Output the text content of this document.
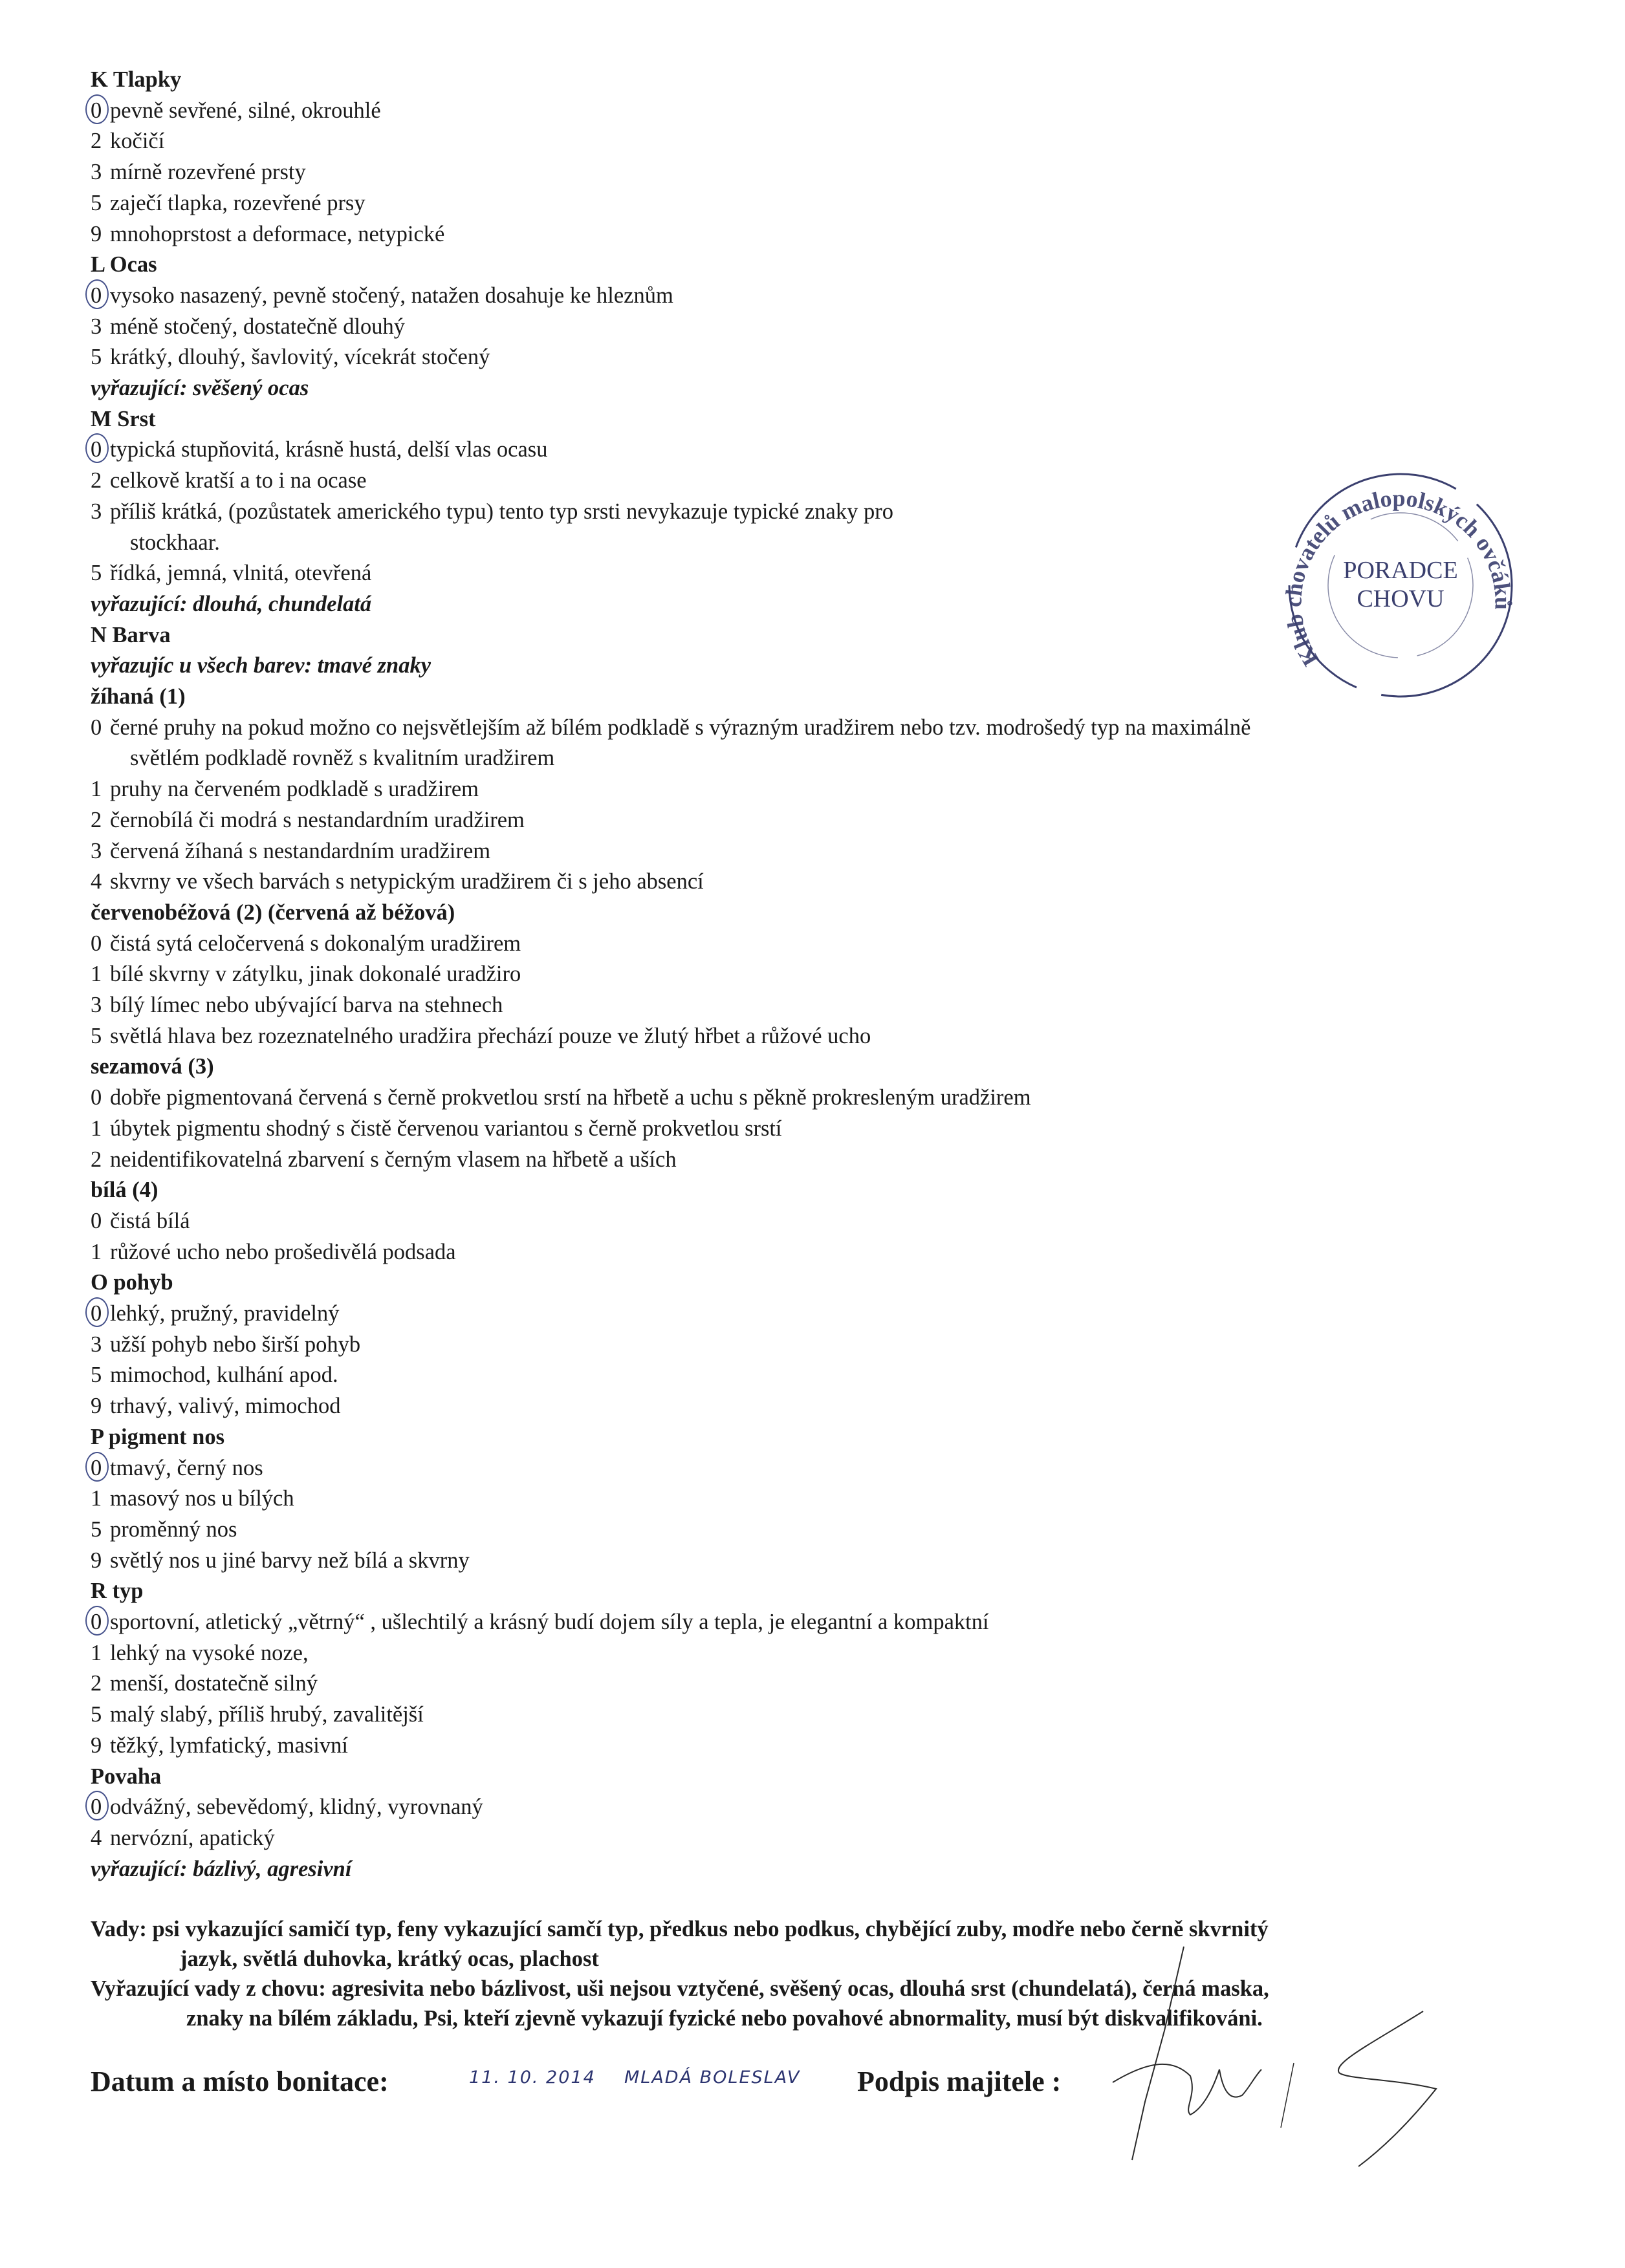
K Tlapky
0 pevně sevřené, silné, okrouhlé
2 kočičí
3 mírně rozevřené prsty
5 zaječí tlapka, rozevřené prsy
9 mnohoprstost a deformace, netypické
L Ocas
0 vysoko nasazený, pevně stočený, natažen dosahuje ke hleznům
3 méně stočený, dostatečně dlouhý
5 krátký, dlouhý, šavlovitý, vícekrát stočený
vyřazující: svěšený ocas
M Srst
0 typická stupňovitá, krásně hustá, delší vlas ocasu
2 celkově kratší a to i na ocase
3 příliš krátká, (pozůstatek amerického typu) tento typ srsti nevykazuje typické znaky pro
stockhaar.
5 řídká, jemná, vlnitá, otevřená
vyřazující: dlouhá, chundelatá
N Barva
vyřazujíc u všech barev: tmavé znaky
žíhaná (1)
0 černé pruhy na pokud možno co nejsvětlejším až bílém podkladě s výrazným uradžirem nebo tzv. modrošedý typ na maximálně
světlém podkladě rovněž s kvalitním uradžirem
1 pruhy na červeném podkladě s uradžirem
2 černobílá či modrá s nestandardním uradžirem
3 červená žíhaná s nestandardním uradžirem
4 skvrny ve všech barvách s netypickým uradžirem či s jeho absencí
červenobéžová (2) (červená až béžová)
0 čistá sytá celočervená s dokonalým uradžirem
1 bílé skvrny v zátylku, jinak dokonalé uradžiro
3 bílý límec nebo ubývající barva na stehnech
5 světlá hlava bez rozeznatelného uradžira přechází pouze ve žlutý hřbet a růžové ucho
sezamová (3)
0 dobře pigmentovaná červená s černě prokvetlou srstí na hřbetě a uchu s pěkně prokresleným uradžirem
1 úbytek pigmentu shodný s čistě červenou variantou s černě prokvetlou srstí
2 neidentifikovatelná zbarvení s černým vlasem na hřbetě a uších
bílá (4)
0 čistá bílá
1 růžové ucho nebo prošedivělá podsada
O pohyb
0 lehký, pružný, pravidelný
3 užší pohyb nebo širší pohyb
5 mimochod, kulhání apod.
9 trhavý, valivý, mimochod
P pigment nos
0 tmavý, černý nos
1 masový nos u bílých
5 proměnný nos
9 světlý nos u jiné barvy než bílá a skvrny
R typ
0 sportovní, atletický „větrný“ , ušlechtilý a krásný budí dojem síly a tepla, je elegantní a kompaktní
1 lehký na vysoké noze,
2 menší, dostatečně silný
5 malý slabý, příliš hrubý, zavalitější
9 těžký, lymfatický, masivní
Povaha
0 odvážný, sebevědomý, klidný, vyrovnaný
4 nervózní, apatický
vyřazující: bázlivý, agresivní
Klub chovatelů malopolských ovčáků
PORADCE
CHOVU
Vady: psi vykazující samičí typ, feny vykazující samčí typ, předkus nebo podkus, chybějící zuby, modře nebo černě skvrnitý
jazyk, světlá duhovka, krátký ocas, plachost
Vyřazující vady z chovu: agresivita nebo bázlivost, uši nejsou vztyčené, svěšený ocas, dlouhá srst (chundelatá), černá maska,
znaky na bílém základu, Psi, kteří zjevně vykazují fyzické nebo povahové abnormality, musí být diskvalifikováni.
Datum a místo bonitace:	11. 10. 2014 MLADÁ BOLESLAV Podpis majitele :
